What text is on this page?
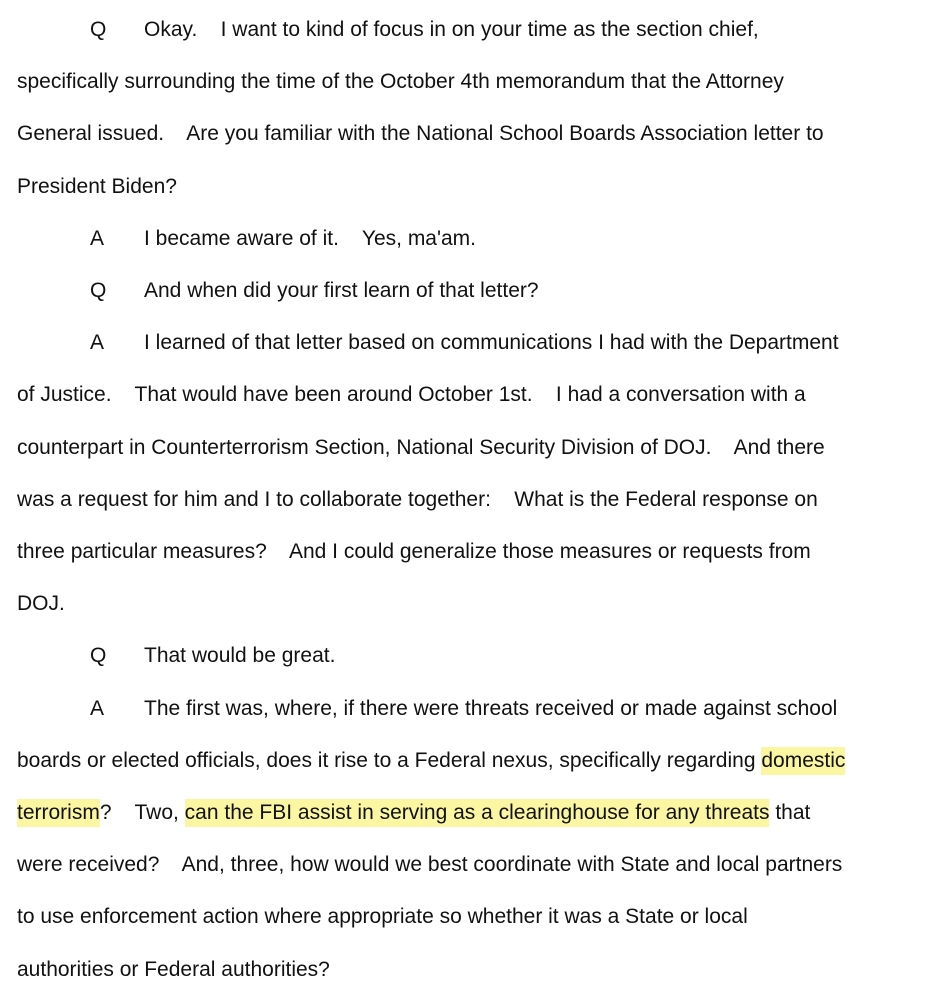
Q	Okay.    I want to kind of focus in on your time as the section chief,
specifically surrounding the time of the October 4th memorandum that the Attorney
General issued.    Are you familiar with the National School Boards Association letter to
President Biden?
A	I became aware of it.    Yes, ma'am.
Q	And when did your first learn of that letter?
A	I learned of that letter based on communications I had with the Department
of Justice.    That would have been around October 1st.    I had a conversation with a
counterpart in Counterterrorism Section, National Security Division of DOJ.    And there
was a request for him and I to collaborate together:    What is the Federal response on
three particular measures?    And I could generalize those measures or requests from
DOJ.
Q	That would be great.
A	The first was, where, if there were threats received or made against school
boards or elected officials, does it rise to a Federal nexus, specifically regarding domestic
terrorism?    Two, can the FBI assist in serving as a clearinghouse for any threats that
were received?    And, three, how would we best coordinate with State and local partners
to use enforcement action where appropriate so whether it was a State or local
authorities or Federal authorities?
